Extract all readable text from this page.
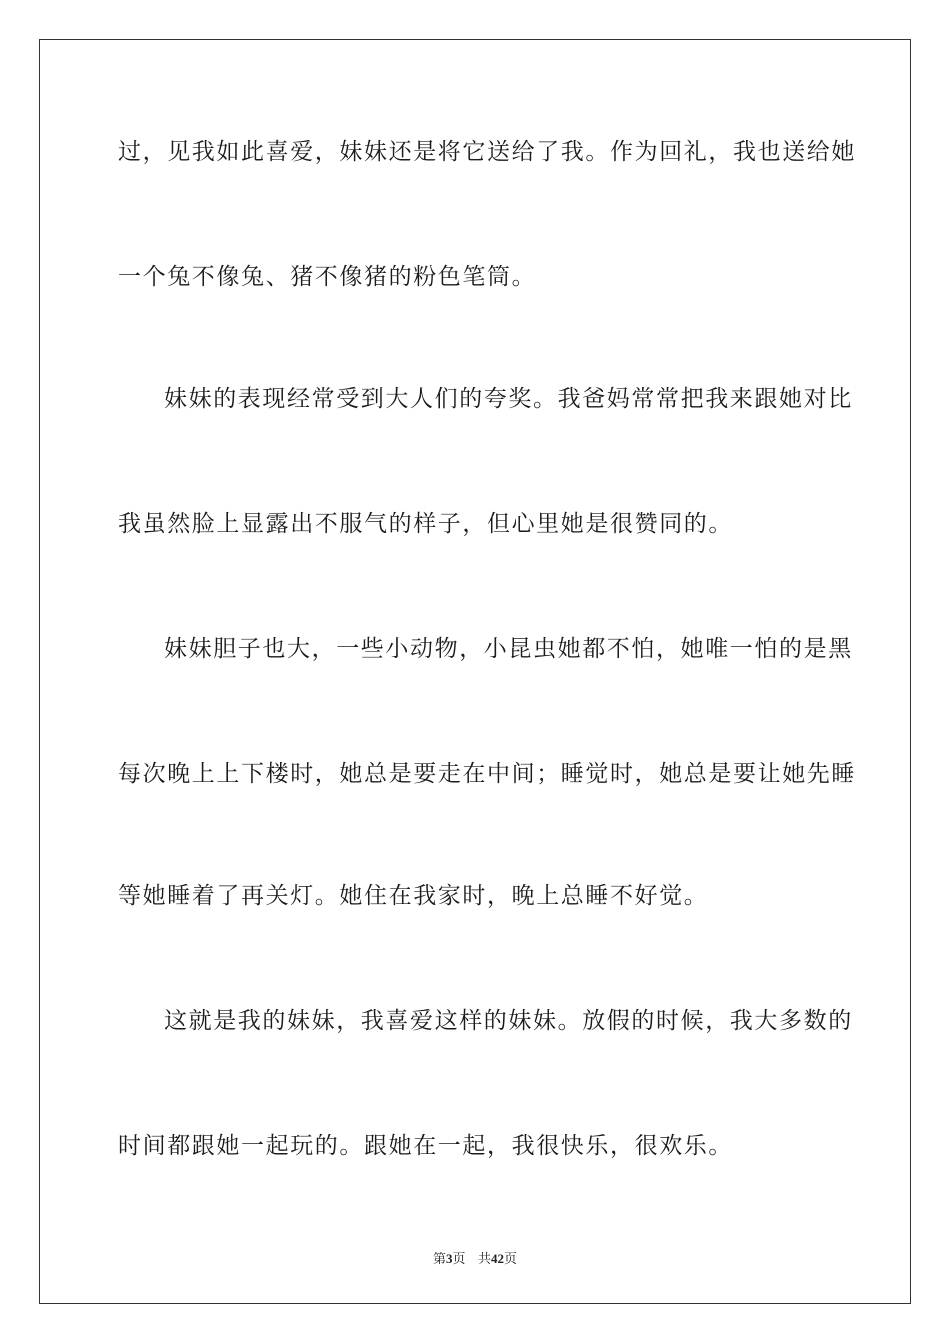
过，见我如此喜爱，妹妹还是将它送给了我。作为回礼，我也送给她
一个兔不像兔、猪不像猪的粉色笔筒。
妹妹的表现经常受到大人们的夸奖。我爸妈常常把我来跟她对比
我虽然脸上显露出不服气的样子，但心里她是很赞同的。
妹妹胆子也大，一些小动物，小昆虫她都不怕，她唯一怕的是黑
每次晚上上下楼时，她总是要走在中间；睡觉时，她总是要让她先睡
等她睡着了再关灯。她住在我家时，晚上总睡不好觉。
这就是我的妹妹，我喜爱这样的妹妹。放假的时候，我大多数的
时间都跟她一起玩的。跟她在一起，我很快乐，很欢乐。
第3页 共42页
